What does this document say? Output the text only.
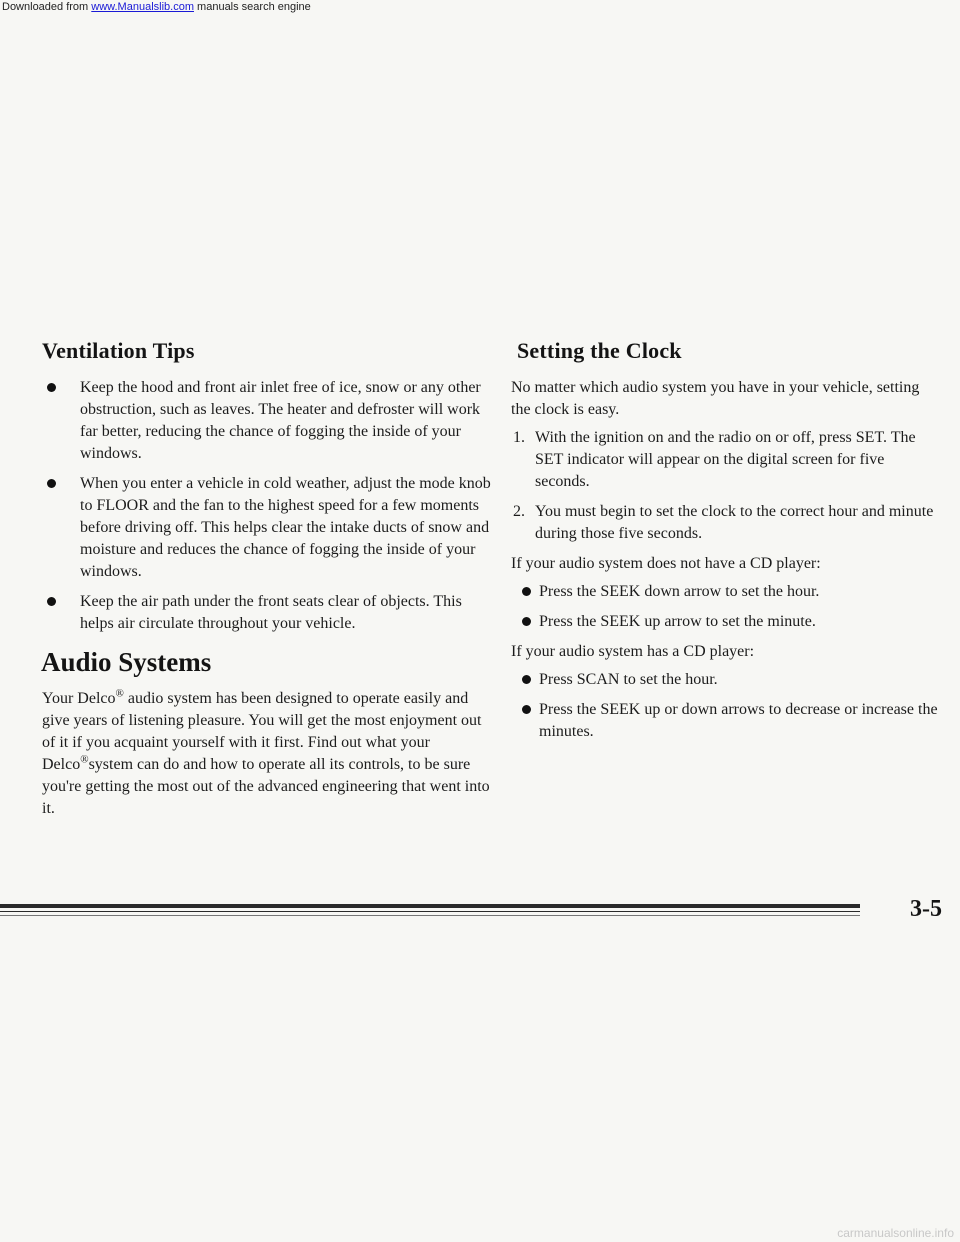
Downloaded from www.Manualslib.com manuals search engine
Ventilation Tips
Keep the hood and front air inlet free of ice, snow or any other obstruction, such as leaves. The heater and defroster will work far better, reducing the chance of fogging the inside of your windows.
When you enter a vehicle in cold weather, adjust the mode knob to FLOOR and the fan to the highest speed for a few moments before driving off. This helps clear the intake ducts of snow and moisture and reduces the chance of fogging the inside of your windows.
Keep the air path under the front seats clear of objects. This helps air circulate throughout your vehicle.
Audio Systems

Your Delco® audio system has been designed to operate easily and give years of listening pleasure. You will get the most enjoyment out of it if you acquaint yourself with it first. Find out what your Delco®system can do and how to operate all its controls, to be sure you're getting the most out of the advanced engineering that went into it.

Setting the Clock

No matter which audio system you have in your vehicle, setting the clock is easy.

1. With the ignition on and the radio on or off, press SET. The SET indicator will appear on the digital screen for five seconds.
2. You must begin to set the clock to the correct hour and minute during those five seconds.

If your audio system does not have a CD player:

Press the SEEK down arrow to set the hour.
Press the SEEK up arrow to set the minute.

If your audio system has a CD player:

Press SCAN to set the hour.
Press the SEEK up or down arrows to decrease or increase the minutes.
3-5
carmanualsonline.info
